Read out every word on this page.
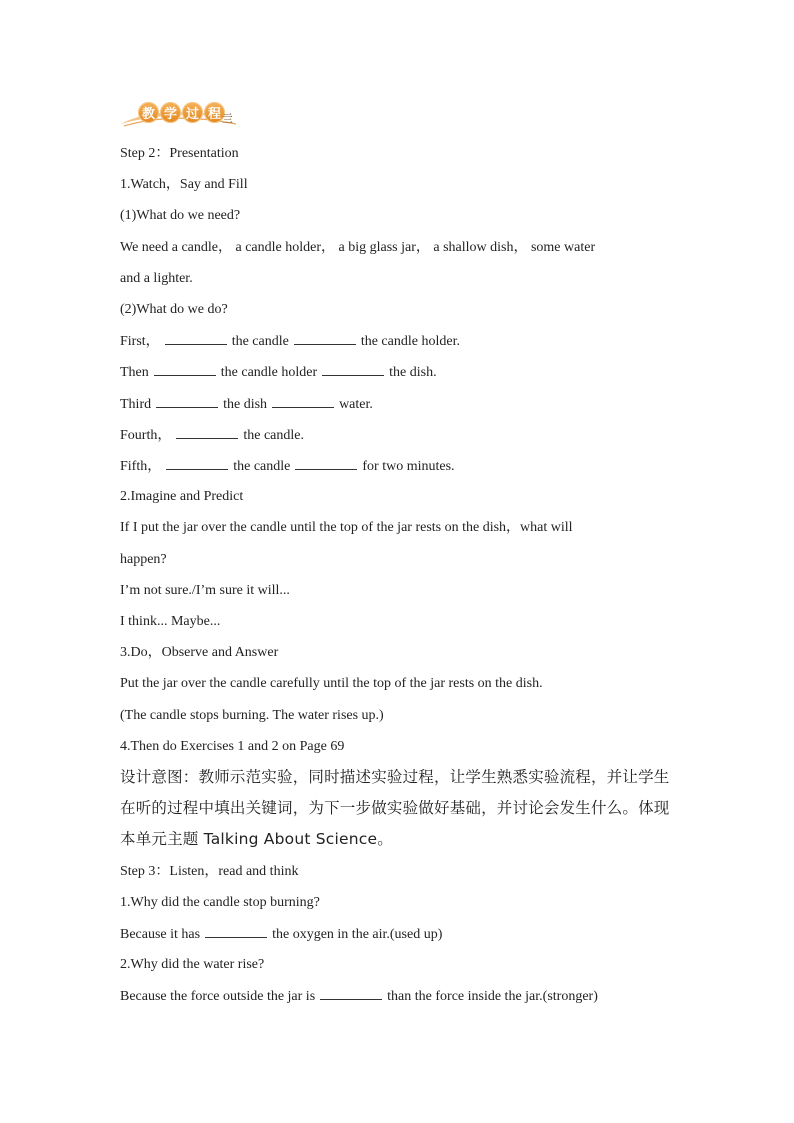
教 学 过 程 亖
Step 2：Presentation
1.Watch，Say and Fill
(1)What do we need?
We need a candle， a candle holder， a big glass jar， a shallow dish， some water
and a lighter.
(2)What do we do?
First，	the candle	the candle holder.
Then	the candle holder	the dish.
Third	the dish	water.
Fourth，	the candle.
Fifth，	the candle	for two minutes.
2.Imagine and Predict
If I put the jar over the candle until the top of the jar rests on the dish，what will
happen?
I’m not sure./I’m sure it will...
I think... Maybe...
3.Do，Observe and Answer
Put the jar over the candle carefully until the top of the jar rests on the dish.
(The candle stops burning. The water rises up.)
4.Then do Exercises 1 and 2 on Page 69
设计意图：教师示范实验，同时描述实验过程，让学生熟悉实验流程，并让学生
在听的过程中填出关键词，为下一步做实验做好基础，并讨论会发生什么。体现
本单元主题 Talking About Science。
Step 3：Listen，read and think
1.Why did the candle stop burning?
Because it has	the oxygen in the air.(used up)
2.Why did the water rise?
Because the force outside the jar is	than the force inside the jar.(stronger)
